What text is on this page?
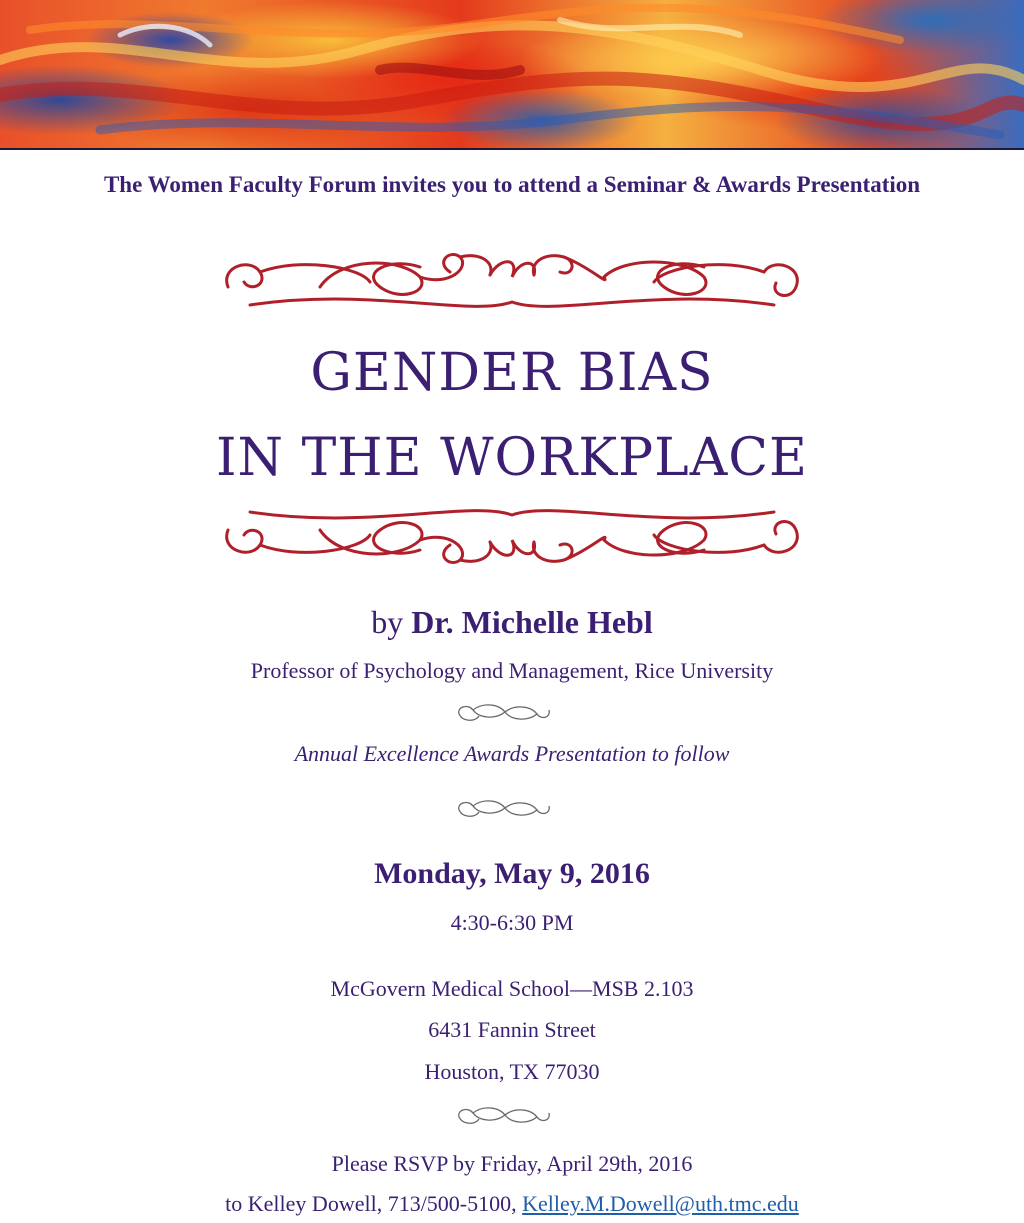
The Women Faculty Forum invites you to attend a Seminar & Awards Presentation
GENDER BIAS
IN THE WORKPLACE
by Dr. Michelle Hebl
Professor of Psychology and Management, Rice University
Annual Excellence Awards Presentation to follow
Monday, May 9, 2016
4:30-6:30 PM
McGovern Medical School—MSB 2.103
6431 Fannin Street
Houston, TX 77030
Please RSVP by Friday, April 29th, 2016
to Kelley Dowell, 713/500-5100, Kelley.M.Dowell@uth.tmc.edu
